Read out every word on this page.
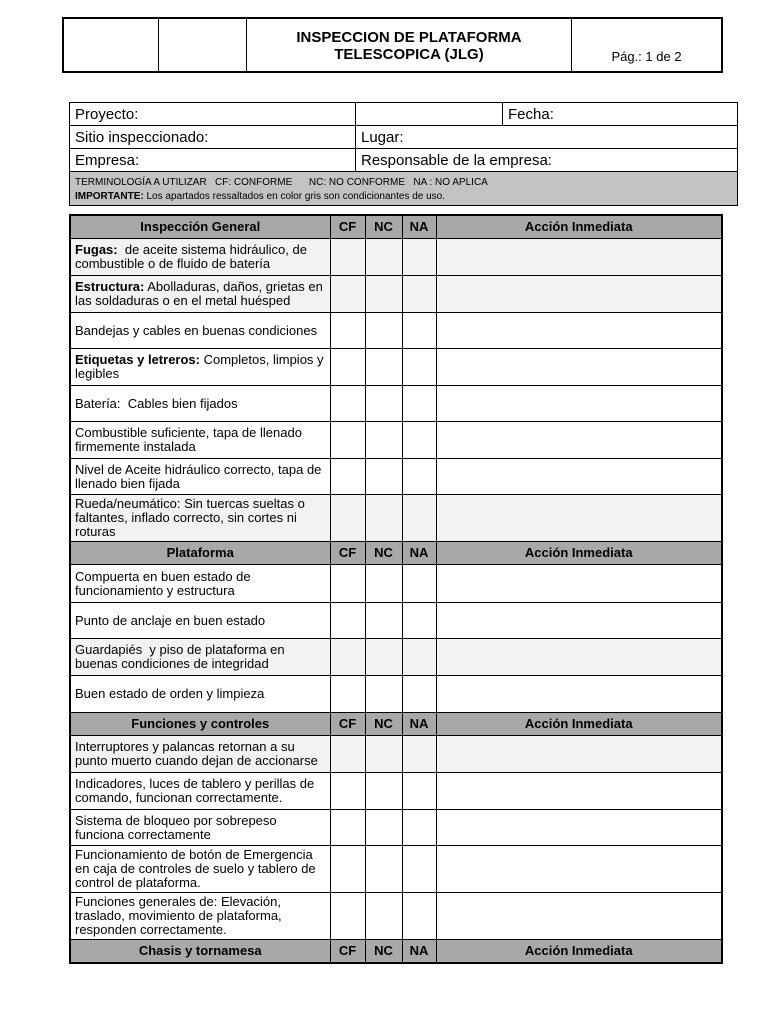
INSPECCION DE PLATAFORMA
TELESCOPICA (JLG)	Pág.: 1 de 2
Proyecto:		Fecha:
Sitio inspeccionado:	Lugar:	
Empresa:	Responsable de la empresa:	
TERMINOLOGÍA A UTILIZAR   CF: CONFORME      NC: NO CONFORME   NA : NO APLICA		
IMPORTANTE: Los apartados ressaltados en color gris son condicionantes de uso.		
Inspección General	CF	NC	NA	Acción Inmediata
Fugas:  de aceite sistema hidráulico, de combustible o de fluido de batería				
Estructura: Abolladuras, daños, grietas en las soldaduras o en el metal huésped				
Bandejas y cables en buenas condiciones				
Etiquetas y letreros: Completos, limpios y legibles				
Batería:  Cables bien fijados				
Combustible suficiente, tapa de llenado firmemente instalada				
Nivel de Aceite hidráulico correcto, tapa de llenado bien fijada				
Rueda/neumático: Sin tuercas sueltas o faltantes, inflado correcto, sin cortes ni roturas				
Plataforma	CF	NC	NA	Acción Inmediata
Compuerta en buen estado de funcionamiento y estructura				
Punto de anclaje en buen estado				
Guardapiés  y piso de plataforma en buenas condiciones de integridad				
Buen estado de orden y limpieza				
Funciones y controles	CF	NC	NA	Acción Inmediata
Interruptores y palancas retornan a su punto muerto cuando dejan de accionarse				
Indicadores, luces de tablero y perillas de comando, funcionan correctamente.				
Sistema de bloqueo por sobrepeso funciona correctamente				
Funcionamiento de botón de Emergencia en caja de controles de suelo y tablero de control de plataforma.				
Funciones generales de: Elevación, traslado, movimiento de plataforma, responden correctamente.				
Chasis y tornamesa	CF	NC	NA	Acción Inmediata
